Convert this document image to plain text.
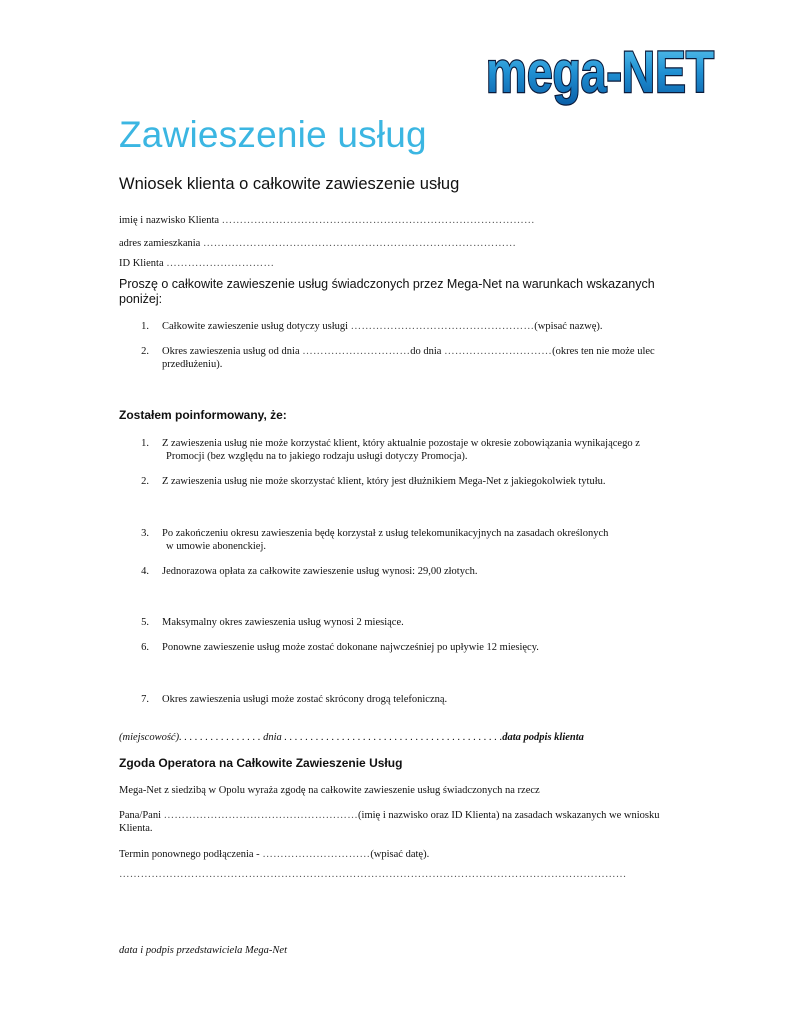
mega-NET
Zawieszenie usług
Wniosek klienta o całkowite zawieszenie usług
imię i nazwisko Klienta ……………………………………………………………………………
adres zamieszkania ……………………………………………………………………………
ID Klienta …………………………
Proszę o całkowite zawieszenie usług świadczonych przez Mega-Net na warunkach wskazanych poniżej:
1. Całkowite zawieszenie usług dotyczy usługi ……………………………………………(wpisać nazwę).
2. Okres zawieszenia usług od dnia …………………………do dnia …………………………(okres ten nie może ulec
przedłużeniu).
Zostałem poinformowany, że:
1. Z zawieszenia usług nie może korzystać klient, który aktualnie pozostaje w okresie zobowiązania wynikającego z
Promocji (bez względu na to jakiego rodzaju usługi dotyczy Promocja).
2. Z zawieszenia usług nie może skorzystać klient, który jest dłużnikiem Mega-Net z jakiegokolwiek tytułu.
3. Po zakończeniu okresu zawieszenia będę korzystał z usług telekomunikacyjnych na zasadach określonych
w umowie abonenckiej.
4. Jednorazowa opłata za całkowite zawieszenie usług wynosi: 29,00 złotych.
5. Maksymalny okres zawieszenia usług wynosi 2 miesiące.
6. Ponowne zawieszenie usług może zostać dokonane najwcześniej po upływie 12 miesięcy.
7. Okres zawieszenia usługi może zostać skrócony drogą telefoniczną.
(miejscowość). . . . . . . . . . . . . . . . dnia . . . . . . . . . . . . . . . . . . . . . . . . . . . . . . . . . . . . . . . . . .data podpis klienta
Zgoda Operatora na Całkowite Zawieszenie Usług
Mega-Net z siedzibą w Opolu wyraża zgodę na całkowite zawieszenie usług świadczonych na rzecz
Pana/Pani ………………………………………………(imię i nazwisko oraz ID Klienta) na zasadach wskazanych we wniosku
Klienta.
Termin ponownego podłączenia - …………………………(wpisać datę).
……………………………………………………………………………………………………………………………
data i podpis przedstawiciela Mega-Net
